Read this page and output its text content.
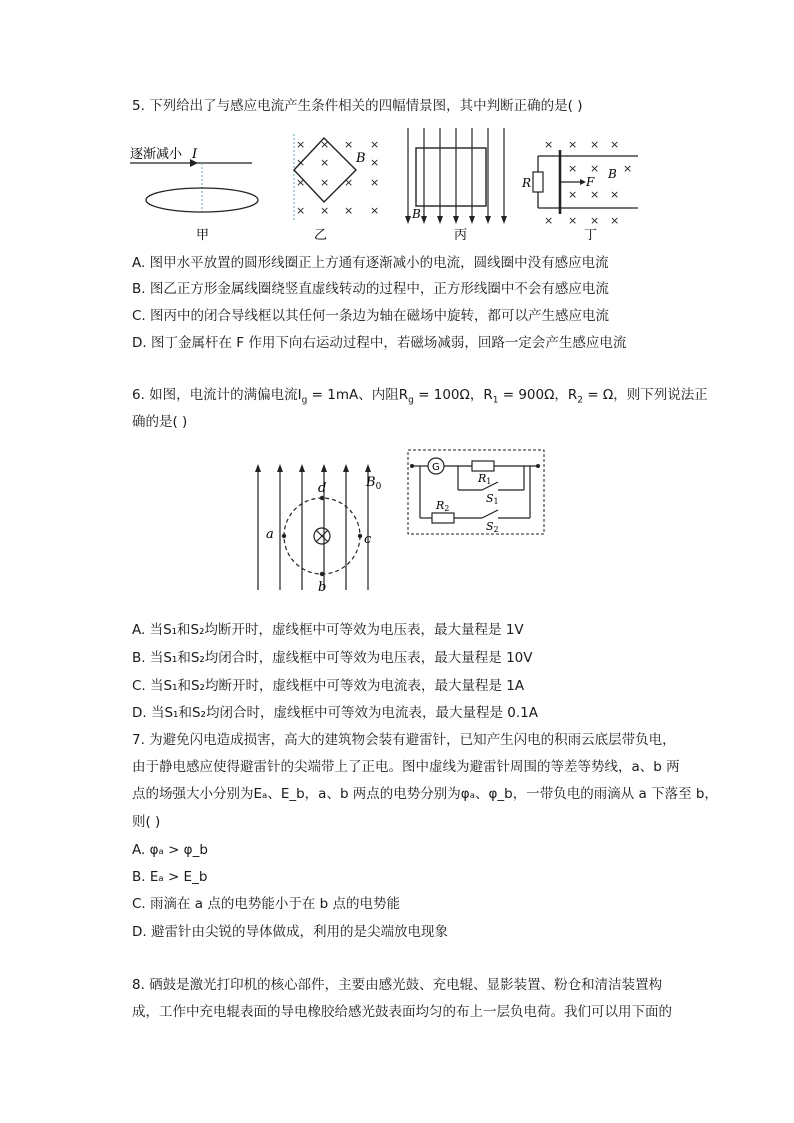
5. 下列给出了与感应电流产生条件相关的四幅情景图，其中判断正确的是( )
逐渐减小 I
甲
× × ×
× ×	×
× × × ×
× × × ×
×
B
乙
B
丙
R	F
B
× × × ×
× × ×
× × ×
× × × ×
丁
A. 图甲水平放置的圆形线圈正上方通有逐渐减小的电流，圆线圈中没有感应电流
B. 图乙正方形金属线圈绕竖直虚线转动的过程中，正方形线圈中不会有感应电流
C. 图丙中的闭合导线框以其任何一条边为轴在磁场中旋转，都可以产生感应电流
D. 图丁金属杆在 F 作用下向右运动过程中，若磁场减弱，回路一定会产生感应电流
6. 如图，电流计的满偏电流$I_g = 1mA$、内阻$R_g = 100\Omega$，$R_1 = 900\Omega$，$R_2 = \Omega$，则下列说法正
确的是( )
$B_0$
a	c
d
b
G
R1
S1
R2
S2
A. 当S₁和S₂均断开时，虚线框中可等效为电压表，最大量程是 1V
B. 当S₁和S₂均闭合时，虚线框中可等效为电压表，最大量程是 10V
C. 当S₁和S₂均断开时，虚线框中可等效为电流表，最大量程是 1A
D. 当S₁和S₂均闭合时，虚线框中可等效为电流表，最大量程是 0.1A
7. 为避免闪电造成损害，高大的建筑物会装有避雷针，已知产生闪电的积雨云底层带负电，
由于静电感应使得避雷针的尖端带上了正电。图中虚线为避雷针周围的等差等势线，a、b 两
点的场强大小分别为Eₐ、E_b，a、b 两点的电势分别为φₐ、φ_b，一带负电的雨滴从 a 下落至 b，
则( )
A. φₐ > φ_b
B. Eₐ > E_b
C. 雨滴在 a 点的电势能小于在 b 点的电势能
D. 避雷针由尖锐的导体做成，利用的是尖端放电现象
8. 硒鼓是激光打印机的核心部件，主要由感光鼓、充电辊、显影装置、粉仓和清洁装置构
成，工作中充电辊表面的导电橡胶给感光鼓表面均匀的布上一层负电荷。我们可以用下面的
